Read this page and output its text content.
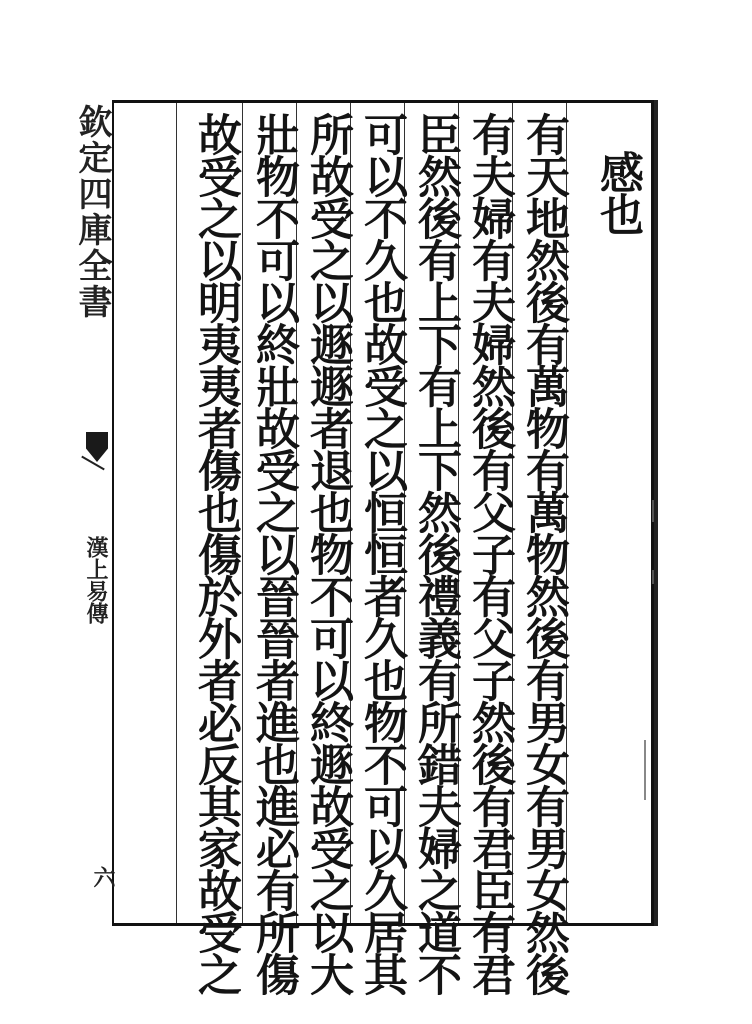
感也
有天地然後有萬物有萬物然後有男女有男女然後
有夫婦有夫婦然後有父子有父子然後有君臣有君
臣然後有上下有上下然後禮義有所錯夫婦之道不
可以不久也故受之以恒恒者久也物不可以久居其
所故受之以遯遯者退也物不可以終遯故受之以大
壯物不可以終壯故受之以晉晉者進也進必有所傷
故受之以明夷夷者傷也傷於外者必反其家故受之
欽定四庫全書
漢上易傳
六
